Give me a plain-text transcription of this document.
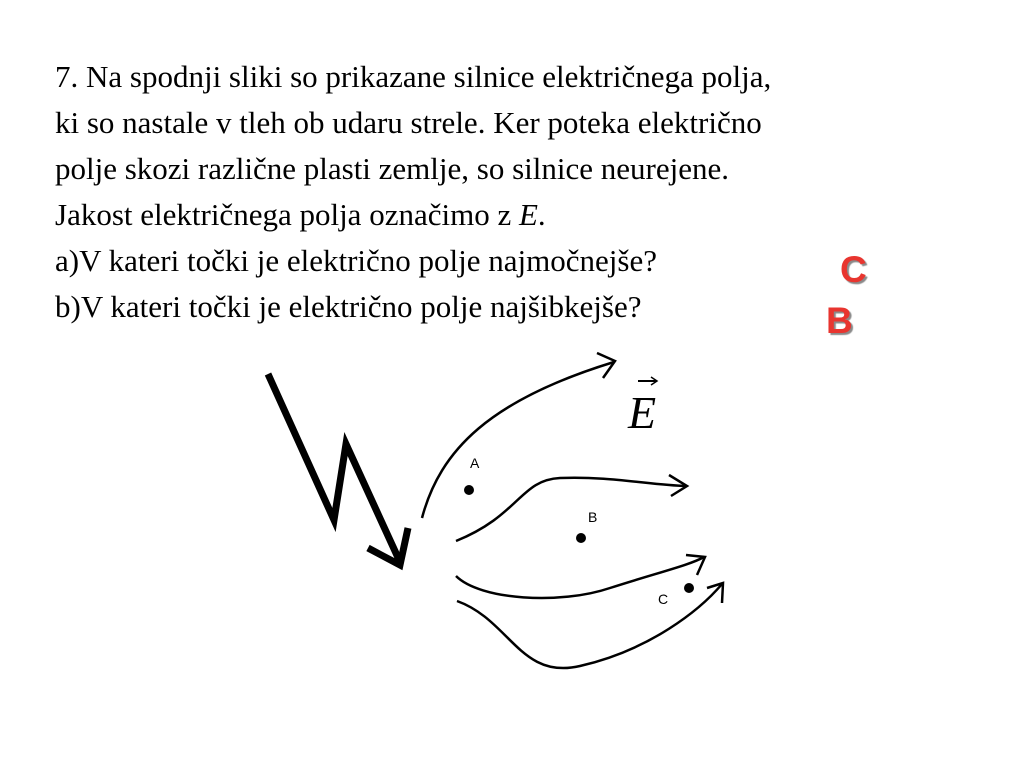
7. Na spodnji sliki so prikazane silnice električnega polja,
ki so nastale v tleh ob udaru strele. Ker poteka električno
polje skozi različne plasti zemlje, so silnice neurejene.
Jakost električnega polja označimo z E.
a)V kateri točki je električno polje najmočnejše?
b)V kateri točki je električno polje najšibkejše?
C
B
E
A
B
C
